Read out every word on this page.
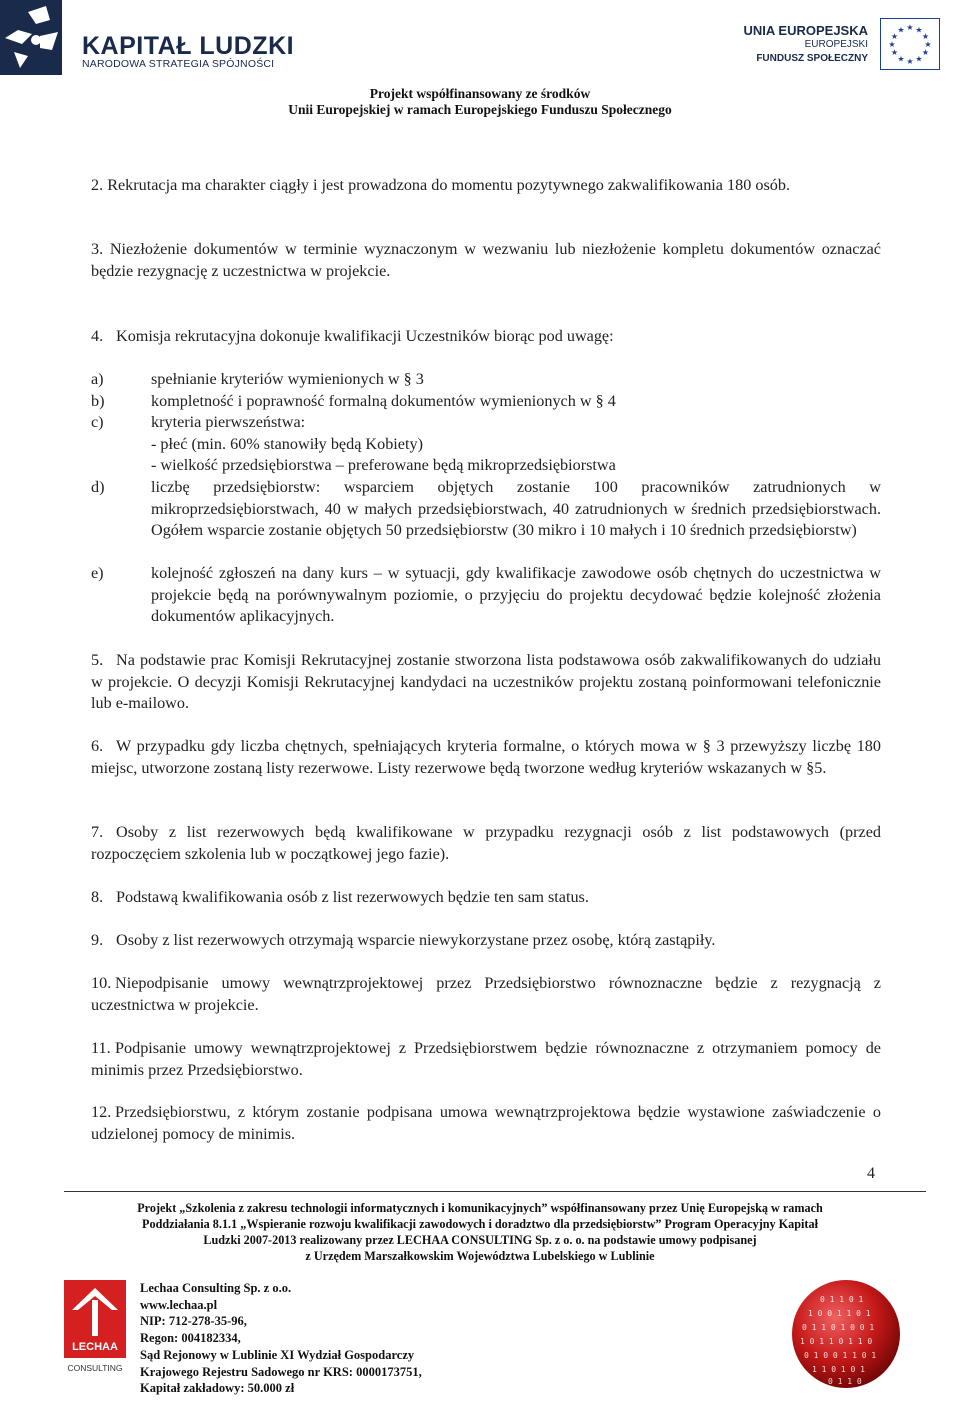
KAPITAŁ LUDZKI
NARODOWA STRATEGIA SPÓJNOŚCI
UNIA EUROPEJSKA
EUROPEJSKI
FUNDUSZ SPOŁECZNY
★ ★
★
★
★
★
★
★
★
★
★
★
Projekt współfinansowany ze środków
Unii Europejskiej w ramach Europejskiego Funduszu Społecznego
2. Rekrutacja ma charakter ciągły i jest prowadzona do momentu pozytywnego zakwalifikowania 180 osób.
3. Niezłożenie dokumentów w terminie wyznaczonym w wezwaniu lub niezłożenie kompletu dokumentów oznaczać będzie rezygnację z uczestnictwa w projekcie.
4. Komisja rekrutacyjna dokonuje kwalifikacji Uczestników biorąc pod uwagę:
a)	spełnianie kryteriów wymienionych w § 3
b)	kompletność i poprawność formalną dokumentów wymienionych w § 4
c)	kryteria pierwszeństwa:
- płeć (min. 60% stanowiły będą Kobiety)
- wielkość przedsiębiorstwa – preferowane będą mikroprzedsiębiorstwa
d)	liczbę przedsiębiorstw: wsparciem objętych zostanie 100 pracowników zatrudnionych w mikroprzedsiębiorstwach, 40 w małych przedsiębiorstwach, 40 zatrudnionych w średnich przedsiębiorstwach. Ogółem wsparcie zostanie objętych 50 przedsiębiorstw (30 mikro i 10 małych i 10 średnich przedsiębiorstw)
e)	kolejność zgłoszeń na dany kurs – w sytuacji, gdy kwalifikacje zawodowe osób chętnych do uczestnictwa w projekcie będą na porównywalnym poziomie, o przyjęciu do projektu decydować będzie kolejność złożenia dokumentów aplikacyjnych.
5. Na podstawie prac Komisji Rekrutacyjnej zostanie stworzona lista podstawowa osób zakwalifikowanych do udziału w projekcie. O decyzji Komisji Rekrutacyjnej kandydaci na uczestników projektu zostaną poinformowani telefonicznie lub e-mailowo.
6. W przypadku gdy liczba chętnych, spełniających kryteria formalne, o których mowa w § 3 przewyższy liczbę 180 miejsc, utworzone zostaną listy rezerwowe. Listy rezerwowe będą tworzone według kryteriów wskazanych w §5.
7. Osoby z list rezerwowych będą kwalifikowane w przypadku rezygnacji osób z list podstawowych (przed rozpoczęciem szkolenia lub w początkowej jego fazie).
8. Podstawą kwalifikowania osób z list rezerwowych będzie ten sam status.
9. Osoby z list rezerwowych otrzymają wsparcie niewykorzystane przez osobę, którą zastąpiły.
10. Niepodpisanie umowy wewnątrzprojektowej przez Przedsiębiorstwo równoznaczne będzie z rezygnacją z uczestnictwa w projekcie.
11. Podpisanie umowy wewnątrzprojektowej z Przedsiębiorstwem będzie równoznaczne z otrzymaniem pomocy de minimis przez Przedsiębiorstwo.
12. Przedsiębiorstwu, z którym zostanie podpisana umowa wewnątrzprojektowa będzie wystawione zaświadczenie o udzielonej pomocy de minimis.
4
Projekt „Szkolenia z zakresu technologii informatycznych i komunikacyjnych” współfinansowany przez Unię Europejską w ramach
Poddziałania 8.1.1 „Wspieranie rozwoju kwalifikacji zawodowych i doradztwo dla przedsiębiorstw” Program Operacyjny Kapitał
Ludzki 2007-2013 realizowany przez LECHAA CONSULTING Sp. z o. o. na podstawie umowy podpisanej
z Urzędem Marszałkowskim Województwa Lubelskiego w Lublinie
LECHAA
CONSULTING
Lechaa Consulting Sp. z o.o.
www.lechaa.pl
NIP: 712-278-35-96,
Regon: 004182334,
Sąd Rejonowy w Lublinie XI Wydział Gospodarczy
Krajowego Rejestru Sadowego nr KRS: 0000173751,
Kapitał zakładowy: 50.000 zł
0 1 1 0 1
1 0 0 1 1 0 1
0 1 1 0 1 0 0 1
1 0 1 1 0 1 1 0
0 1 0 0 1 1 0 1
1 1 0 1 0 1
0 1 1 0
